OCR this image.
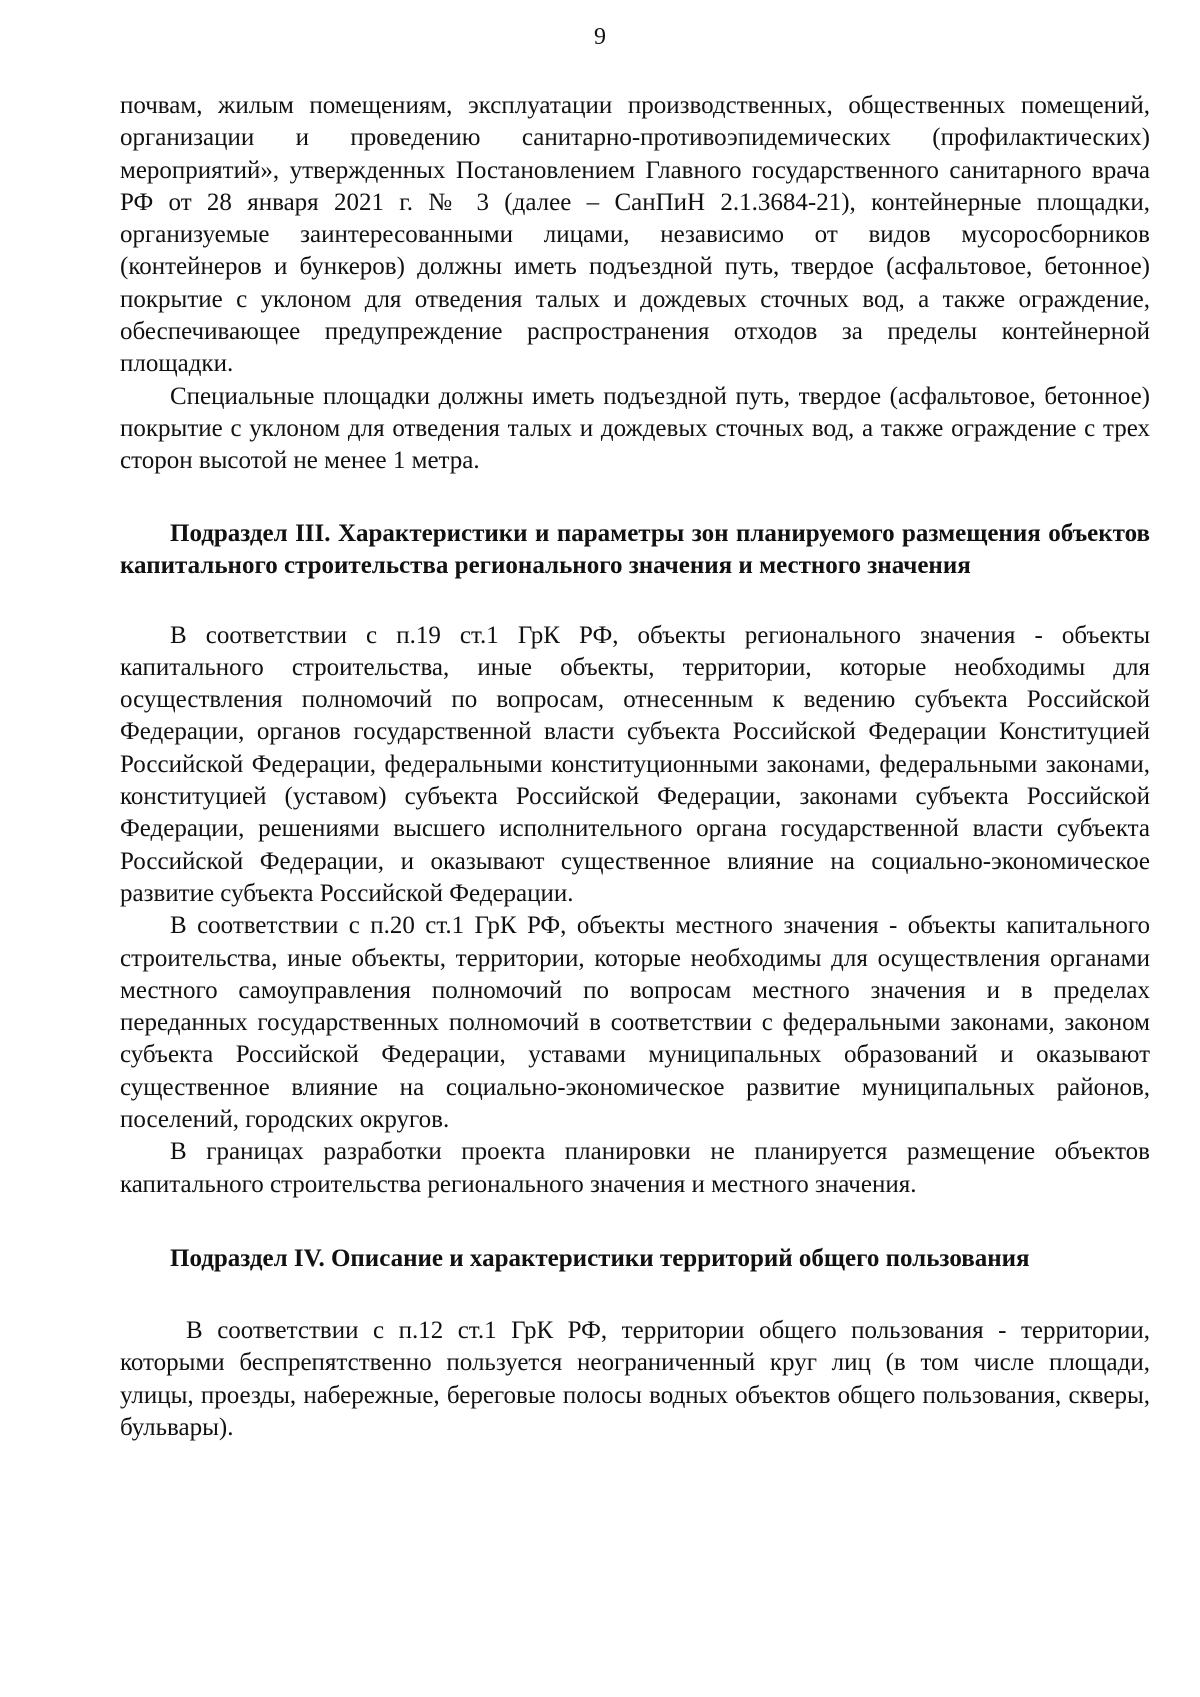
9

почвам, жилым помещениям, эксплуатации производственных, общественных помещений, организации и проведению санитарно-противоэпидемических (профилактических) мероприятий», утвержденных Постановлением Главного государственного санитарного врача РФ от 28 января 2021 г. № 3 (далее – СанПиН 2.1.3684-21), контейнерные площадки, организуемые заинтересованными лицами, независимо от видов мусоросборников (контейнеров и бункеров) должны иметь подъездной путь, твердое (асфальтовое, бетонное) покрытие с уклоном для отведения талых и дождевых сточных вод, а также ограждение, обеспечивающее предупреждение распространения отходов за пределы контейнерной площадки.

Специальные площадки должны иметь подъездной путь, твердое (асфальтовое, бетонное) покрытие с уклоном для отведения талых и дождевых сточных вод, а также ограждение с трех сторон высотой не менее 1 метра.

Подраздел III. Характеристики и параметры зон планируемого размещения объектов капитального строительства регионального значения и местного значения

В соответствии с п.19 ст.1 ГрК РФ, объекты регионального значения - объекты капитального строительства, иные объекты, территории, которые необходимы для осуществления полномочий по вопросам, отнесенным к ведению субъекта Российской Федерации, органов государственной власти субъекта Российской Федерации Конституцией Российской Федерации, федеральными конституционными законами, федеральными законами, конституцией (уставом) субъекта Российской Федерации, законами субъекта Российской Федерации, решениями высшего исполнительного органа государственной власти субъекта Российской Федерации, и оказывают существенное влияние на социально-экономическое развитие субъекта Российской Федерации.

В соответствии с п.20 ст.1 ГрК РФ, объекты местного значения - объекты капитального строительства, иные объекты, территории, которые необходимы для осуществления органами местного самоуправления полномочий по вопросам местного значения и в пределах переданных государственных полномочий в соответствии с федеральными законами, законом субъекта Российской Федерации, уставами муниципальных образований и оказывают существенное влияние на социально-экономическое развитие муниципальных районов, поселений, городских округов.

В границах разработки проекта планировки не планируется размещение объектов капитального строительства регионального значения и местного значения.

Подраздел IV. Описание и характеристики территорий общего пользования

В соответствии с п.12 ст.1 ГрК РФ, территории общего пользования - территории, которыми беспрепятственно пользуется неограниченный круг лиц (в том числе площади, улицы, проезды, набережные, береговые полосы водных объектов общего пользования, скверы, бульвары).
